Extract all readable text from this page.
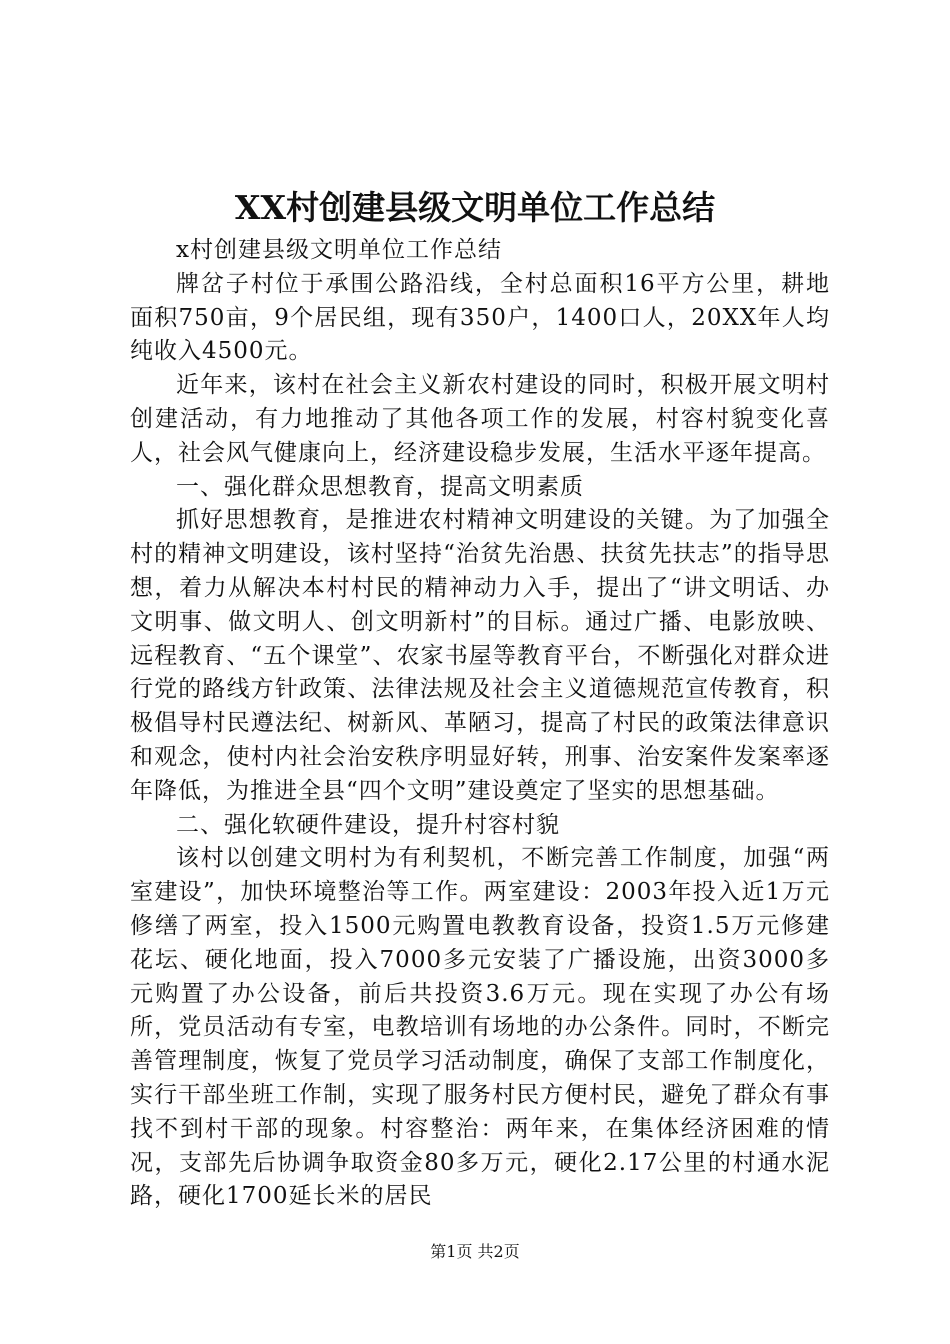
XX村创建县级文明单位工作总结

x村创建县级文明单位工作总结

牌岔子村位于承围公路沿线，全村总面积16平方公里，耕地面积750亩，9个居民组，现有350户，1400口人，20XX年人均纯收入4500元。

近年来，该村在社会主义新农村建设的同时，积极开展文明村创建活动，有力地推动了其他各项工作的发展，村容村貌变化喜人，社会风气健康向上，经济建设稳步发展，生活水平逐年提高。

一、强化群众思想教育，提高文明素质

抓好思想教育，是推进农村精神文明建设的关键。为了加强全村的精神文明建设，该村坚持“治贫先治愚、扶贫先扶志”的指导思想，着力从解决本村村民的精神动力入手，提出了“讲文明话、办文明事、做文明人、创文明新村”的目标。通过广播、电影放映、远程教育、“五个课堂”、农家书屋等教育平台，不断强化对群众进行党的路线方针政策、法律法规及社会主义道德规范宣传教育，积极倡导村民遵法纪、树新风、革陋习，提高了村民的政策法律意识和观念，使村内社会治安秩序明显好转，刑事、治安案件发案率逐年降低，为推进全县“四个文明”建设奠定了坚实的思想基础。

二、强化软硬件建设，提升村容村貌

该村以创建文明村为有利契机，不断完善工作制度，加强“两室建设”，加快环境整治等工作。两室建设：2003年投入近1万元修缮了两室，投入1500元购置电教教育设备，投资1.5万元修建花坛、硬化地面，投入7000多元安装了广播设施，出资3000多元购置了办公设备，前后共投资3.6万元。现在实现了办公有场所，党员活动有专室，电教培训有场地的办公条件。同时，不断完善管理制度，恢复了党员学习活动制度，确保了支部工作制度化，实行干部坐班工作制，实现了服务村民方便村民，避免了群众有事找不到村干部的现象。村容整治：两年来，在集体经济困难的情况，支部先后协调争取资金80多万元，硬化2.17公里的村通水泥路，硬化1700延长米的居民

第1页 共2页
